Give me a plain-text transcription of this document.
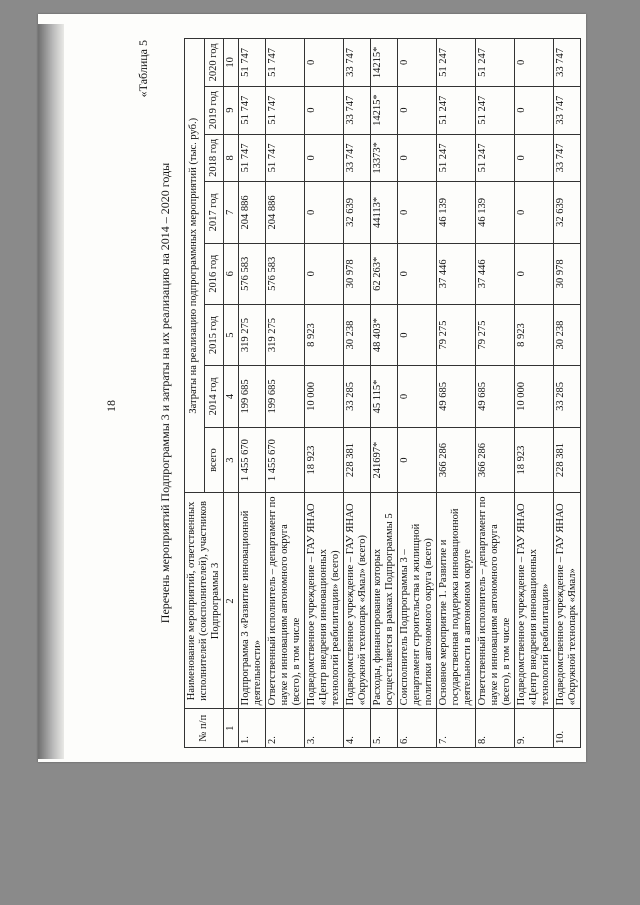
18
«Таблица 5
Перечень мероприятий Подпрограммы 3 и затраты на их реализацию на 2014 – 2020 годы
№ п/п	Наименование мероприятий, ответственных исполнителей (соисполнителей), участников Подпрограммы 3	Затраты на реализацию подпрограммных мероприятий (тыс. руб.)							
		всего	2014 год	2015 год	2016 год	2017 год	2018 год	2019 год	2020 год
1	2	3	4	5	6	7	8	9	10
1.	Подпрограмма 3 «Развитие инновационной деятельности»	1 455 670	199 685	319 275	576 583	204 886	51 747	51 747	51 747
2.	Ответственный исполнитель – департамент по науке и инновациям автономного округа (всего), в том числе	1 455 670	199 685	319 275	576 583	204 886	51 747	51 747	51 747
3.	Подведомственное учреждение – ГАУ ЯНАО «Центр внедрения инновационных технологий реабилитации» (всего)	18 923	10 000	8 923	0	0	0	0	0
4.	Подведомственное учреждение – ГАУ ЯНАО «Окружной технопарк «Ямал» (всего)	228 381	33 285	30 238	30 978	32 639	33 747	33 747	33 747
5.	Расходы, финансирование которых осуществляется в рамках Подпрограммы 5	241697*	45 115*	48 403*	62 263*	44113*	13373*	14215*	14215*
6.	Соисполнитель Подпрограммы 3 – департамент строительства и жилищной политики автономного округа (всего)	0	0	0	0	0	0	0	0
7.	Основное мероприятие 1. Развитие и государственная поддержка инновационной деятельности в автономном округе	366 286	49 685	79 275	37 446	46 139	51 247	51 247	51 247
8.	Ответственный исполнитель – департамент по науке и инновациям автономного округа (всего), в том числе	366 286	49 685	79 275	37 446	46 139	51 247	51 247	51 247
9.	Подведомственное учреждение – ГАУ ЯНАО «Центр внедрения инновационных технологий реабилитации»	18 923	10 000	8 923	0	0	0	0	0
10.	Подведомственное учреждение – ГАУ ЯНАО «Окружной технопарк «Ямал»	228 381	33 285	30 238	30 978	32 639	33 747	33 747	33 747
